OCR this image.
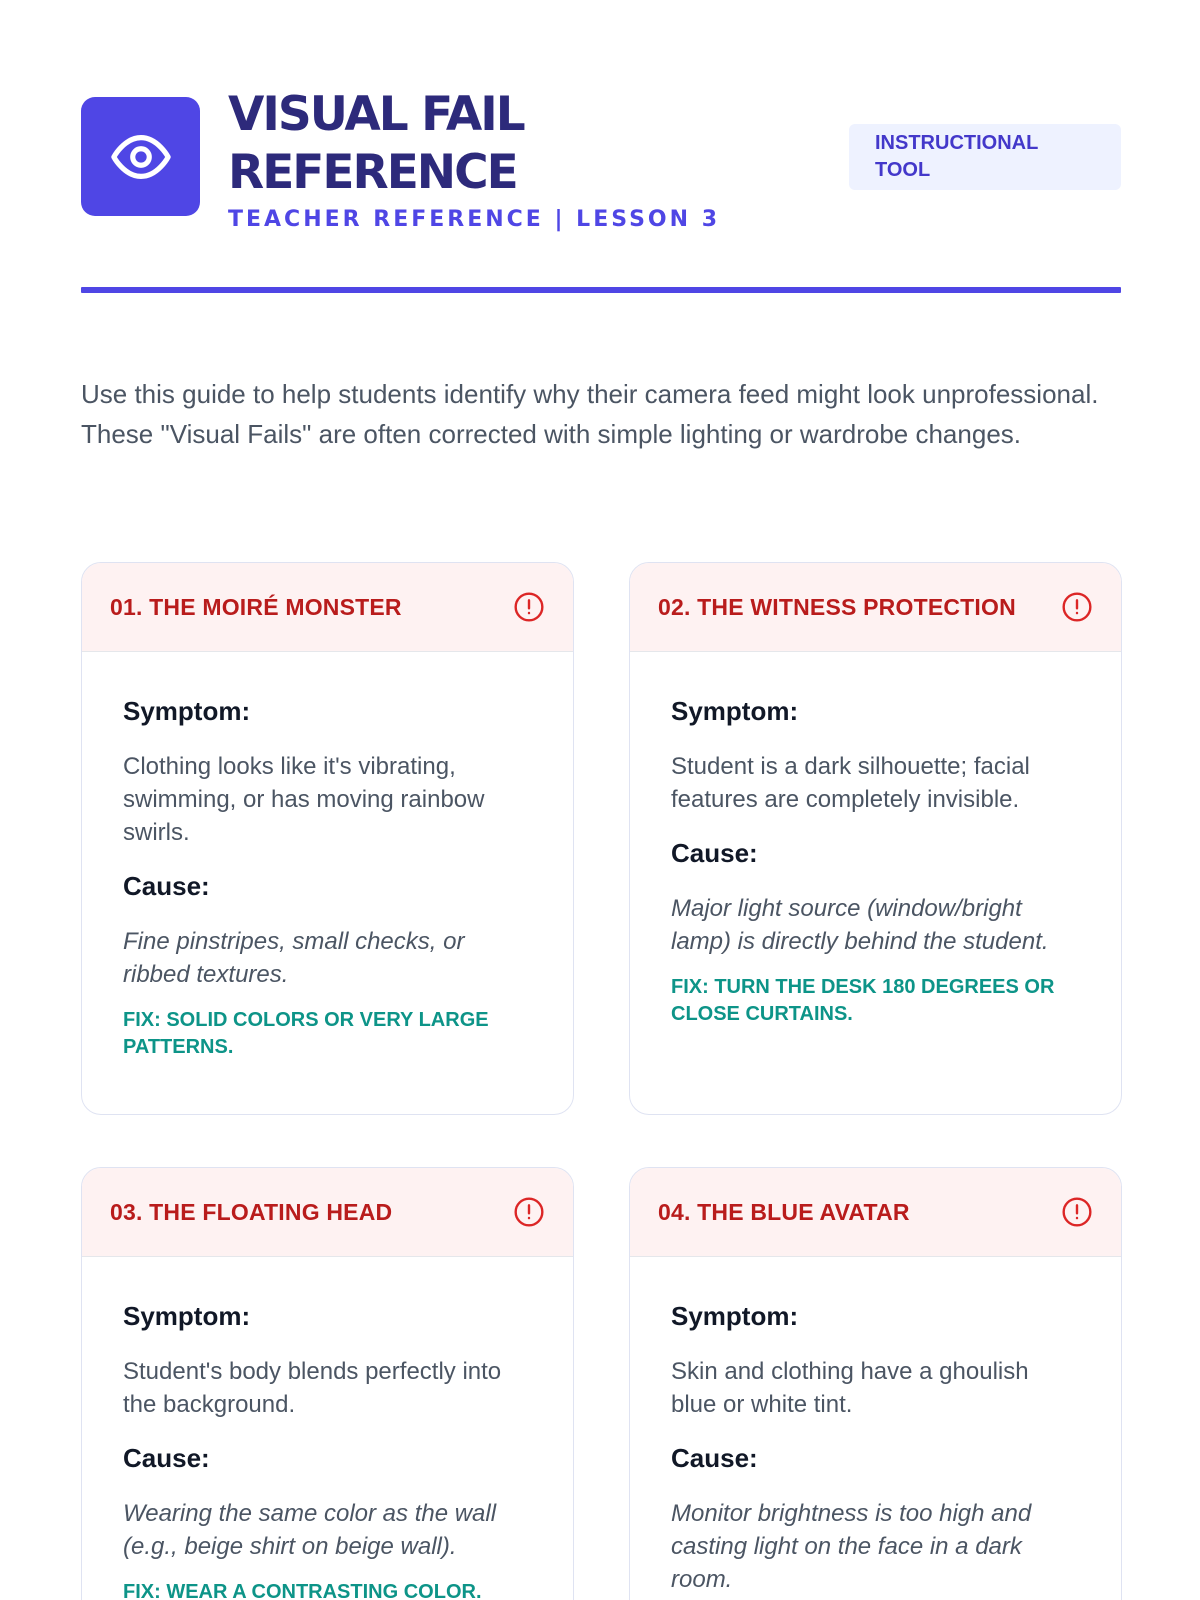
VISUAL FAIL REFERENCE
TEACHER REFERENCE | LESSON 3
INSTRUCTIONAL TOOL

Use this guide to help students identify why their camera feed might look unprofessional. These "Visual Fails" are often corrected with simple lighting or wardrobe changes.

01. THE MOIRÉ MONSTER
Symptom:

Clothing looks like it's vibrating, swimming, or has moving rainbow swirls.

Cause:

Fine pinstripes, small checks, or ribbed textures.

FIX: SOLID COLORS OR VERY LARGE PATTERNS.

02. THE WITNESS PROTECTION
Symptom:

Student is a dark silhouette; facial features are completely invisible.

Cause:

Major light source (window/bright lamp) is directly behind the student.

FIX: TURN THE DESK 180 DEGREES OR CLOSE CURTAINS.

03. THE FLOATING HEAD
Symptom:

Student's body blends perfectly into the background.

Cause:

Wearing the same color as the wall (e.g., beige shirt on beige wall).

FIX: WEAR A CONTRASTING COLOR.

04. THE BLUE AVATAR
Symptom:

Skin and clothing have a ghoulish blue or white tint.

Cause:

Monitor brightness is too high and casting light on the face in a dark room.
